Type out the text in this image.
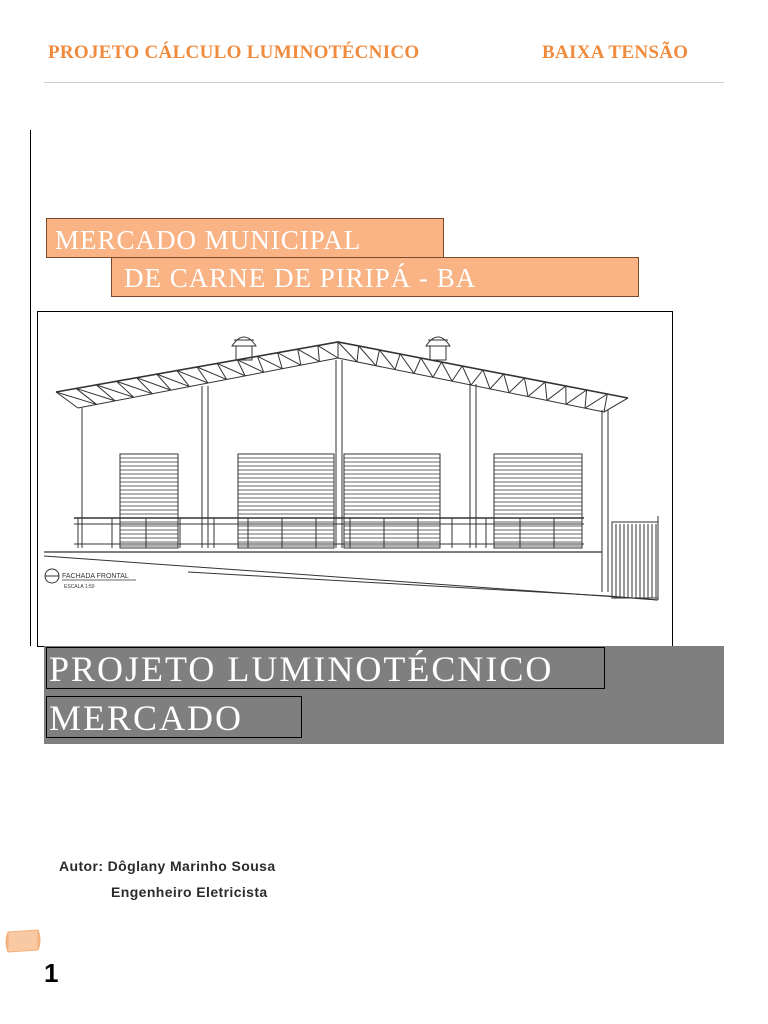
PROJETO CÁLCULO LUMINOTÉCNICO	BAIXA TENSÃO
MERCADO MUNICIPAL
DE CARNE DE PIRIPÁ - BA
FACHADA FRONTAL
ESCALA 1:50
PROJETO LUMINOTÉCNICO
MERCADO
Autor: Dôglany Marinho Sousa
Engenheiro Eletricista
1
